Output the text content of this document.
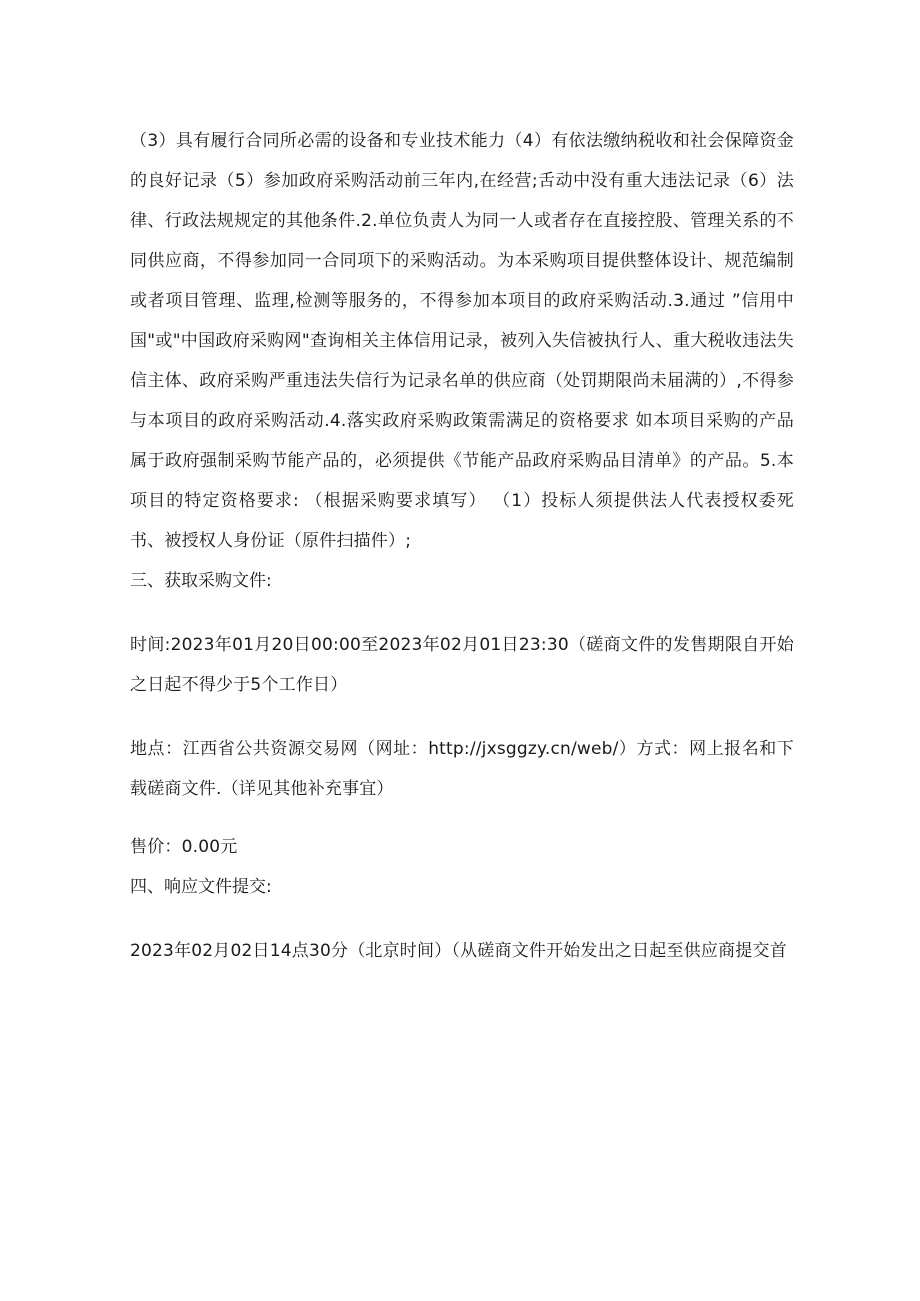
（3）具有履行合同所必需的设备和专业技术能力（4）有依法缴纳税收和社会保障资金的良好记录（5）参加政府采购活动前三年内,在经营;舌动中没有重大违法记录（6）法律、行政法规规定的其他条件.2.单位负责人为同一人或者存在直接控股、管理关系的不同供应商，不得参加同一合同项下的采购活动。为本采购项目提供整体设计、规范编制或者项目管理、监理,检测等服务的，不得参加本项目的政府采购活动.3.通过 ”信用中国"或"中国政府采购网"查询相关主体信用记录，被列入失信被执行人、重大税收违法失信主体、政府采购严重违法失信行为记录名单的供应商（处罚期限尚未届满的）,不得参与本项目的政府采购活动.4.落实政府采购政策需满足的资格要求 如本项目采购的产品属于政府强制采购节能产品的，必须提供《节能产品政府采购品目清单》的产品。5.本项目的特定资格要求: （根据采购要求填写） （1）投标人须提供法人代表授权委死书、被授权人身份证（原件扫描件）;

三、获取采购文件:

时间:2023年01月20日00:00至2023年02月01日23:30（磋商文件的发售期限自开始之日起不得少于5个工作日）

地点：江西省公共资源交易网（网址：http://jxsggzy.cn/web/）方式：网上报名和下载磋商文件.（详见其他补充事宜）

售价：0.00元

四、响应文件提交:

2023年02月02日14点30分（北京时间）（从磋商文件开始发出之日起至供应商提交首
